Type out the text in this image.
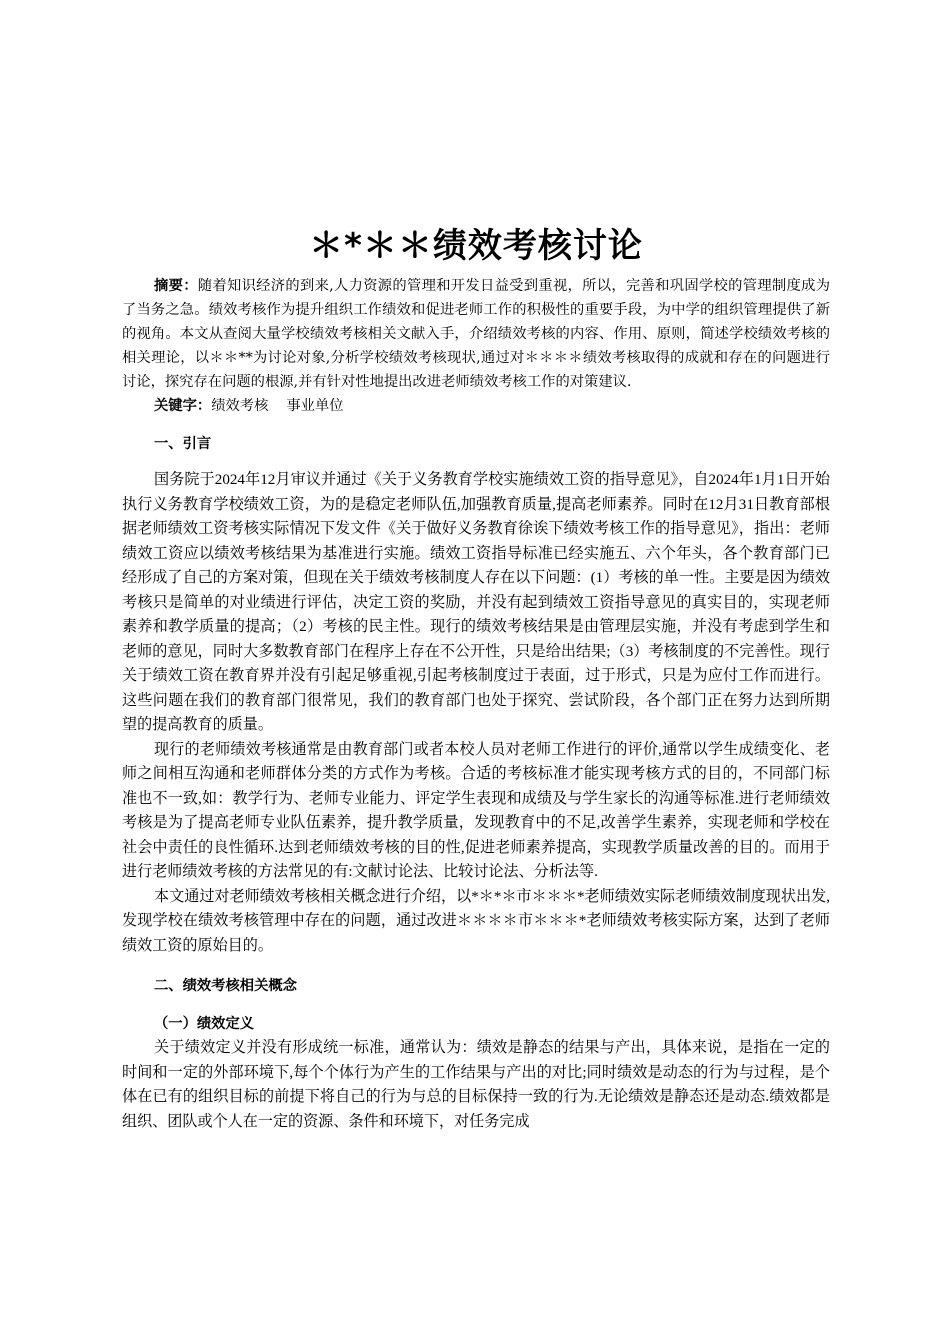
＊*＊＊绩效考核讨论

摘要：随着知识经济的到来,人力资源的管理和开发日益受到重视，所以，完善和巩固学校的管理制度成为了当务之急。绩效考核作为提升组织工作绩效和促进老师工作的积极性的重要手段，为中学的组织管理提供了新的视角。本文从查阅大量学校绩效考核相关文献入手，介绍绩效考核的内容、作用、原则，简述学校绩效考核的相关理论，以＊＊**为讨论对象,分析学校绩效考核现状,通过对＊＊＊＊绩效考核取得的成就和存在的问题进行讨论，探究存在问题的根源,并有针对性地提出改进老师绩效考核工作的对策建议.

关键字：绩效考核 事业单位

一、引言

国务院于2024年12月审议并通过《关于义务教育学校实施绩效工资的指导意见》，自2024年1月1日开始执行义务教育学校绩效工资，为的是稳定老师队伍,加强教育质量,提高老师素养。同时在12月31日教育部根据老师绩效工资考核实际情况下发文件《关于做好义务教育徐诶下绩效考核工作的指导意见》，指出：老师绩效工资应以绩效考核结果为基准进行实施。绩效工资指导标准已经实施五、六个年头，各个教育部门已经形成了自己的方案对策，但现在关于绩效考核制度人存在以下问题：(1）考核的单一性。主要是因为绩效考核只是简单的对业绩进行评估，决定工资的奖励，并没有起到绩效工资指导意见的真实目的，实现老师素养和教学质量的提高；（2）考核的民主性。现行的绩效考核结果是由管理层实施，并没有考虑到学生和老师的意见，同时大多数教育部门在程序上存在不公开性，只是给出结果;（3）考核制度的不完善性。现行关于绩效工资在教育界并没有引起足够重视,引起考核制度过于表面，过于形式，只是为应付工作而进行。这些问题在我们的教育部门很常见，我们的教育部门也处于探究、尝试阶段，各个部门正在努力达到所期望的提高教育的质量。

现行的老师绩效考核通常是由教育部门或者本校人员对老师工作进行的评价,通常以学生成绩变化、老师之间相互沟通和老师群体分类的方式作为考核。合适的考核标准才能实现考核方式的目的，不同部门标准也不一致,如：教学行为、老师专业能力、评定学生表现和成绩及与学生家长的沟通等标准.进行老师绩效考核是为了提高老师专业队伍素养，提升教学质量，发现教育中的不足,改善学生素养，实现老师和学校在社会中责任的良性循环.达到老师绩效考核的目的性,促进老师素养提高，实现教学质量改善的目的。而用于进行老师绩效考核的方法常见的有:文献讨论法、比较讨论法、分析法等.

本文通过对老师绩效考核相关概念进行介绍，以*＊*＊市＊＊＊*老师绩效实际老师绩效制度现状出发,发现学校在绩效考核管理中存在的问题，通过改进＊＊＊＊市＊＊＊*老师绩效考核实际方案，达到了老师绩效工资的原始目的。

二、绩效考核相关概念

（一）绩效定义

关于绩效定义并没有形成统一标准，通常认为：绩效是静态的结果与产出，具体来说，是指在一定的时间和一定的外部环境下,每个个体行为产生的工作结果与产出的对比;同时绩效是动态的行为与过程，是个体在已有的组织目标的前提下将自己的行为与总的目标保持一致的行为.无论绩效是静态还是动态.绩效都是组织、团队或个人在一定的资源、条件和环境下，对任务完成
